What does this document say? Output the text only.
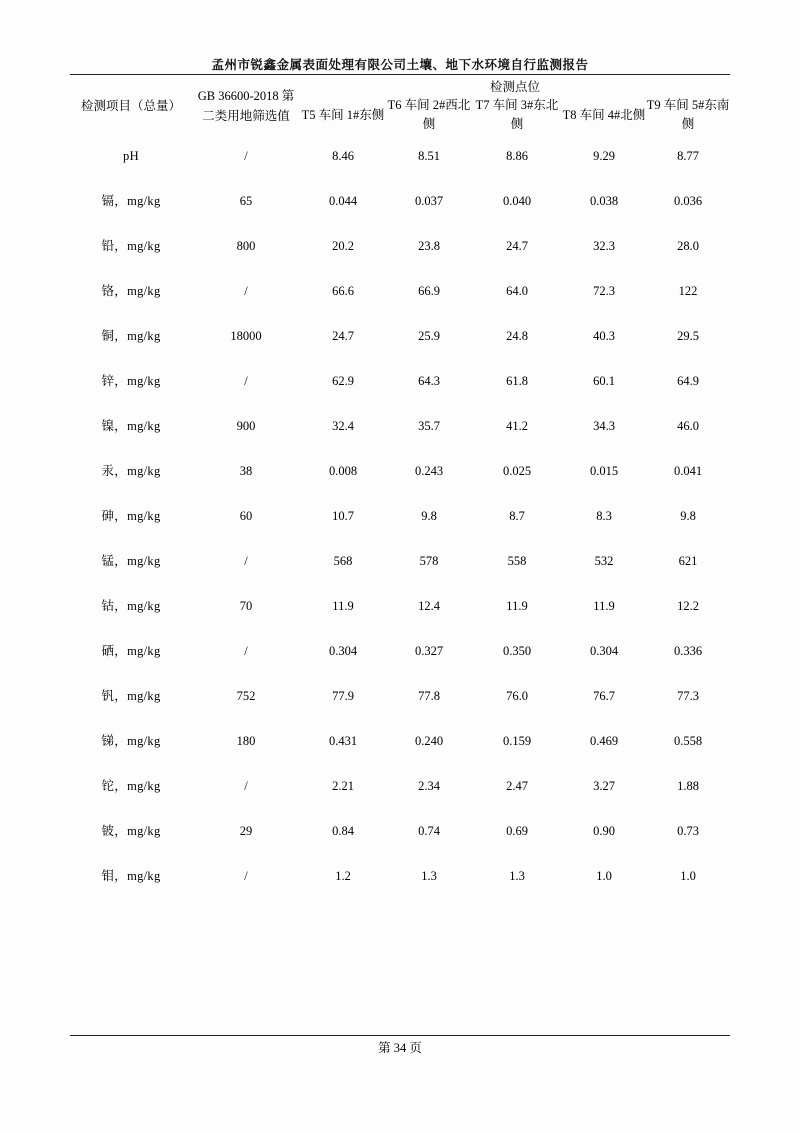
孟州市锐鑫金属表面处理有限公司土壤、地下水环境自行监测报告
检测项目（总量）	GB 36600-2018 第二类用地筛选值	检测点位				
		T5 车间 1#东侧	T6 车间 2#西北侧	T7 车间 3#东北侧	T8 车间 4#北侧	T9 车间 5#东南侧
pH	/	8.46	8.51	8.86	9.29	8.77
镉，mg/kg	65	0.044	0.037	0.040	0.038	0.036
铅，mg/kg	800	20.2	23.8	24.7	32.3	28.0
铬，mg/kg	/	66.6	66.9	64.0	72.3	122
铜，mg/kg	18000	24.7	25.9	24.8	40.3	29.5
锌，mg/kg	/	62.9	64.3	61.8	60.1	64.9
镍，mg/kg	900	32.4	35.7	41.2	34.3	46.0
汞，mg/kg	38	0.008	0.243	0.025	0.015	0.041
砷，mg/kg	60	10.7	9.8	8.7	8.3	9.8
锰，mg/kg	/	568	578	558	532	621
钴，mg/kg	70	11.9	12.4	11.9	11.9	12.2
硒，mg/kg	/	0.304	0.327	0.350	0.304	0.336
钒，mg/kg	752	77.9	77.8	76.0	76.7	77.3
锑，mg/kg	180	0.431	0.240	0.159	0.469	0.558
铊，mg/kg	/	2.21	2.34	2.47	3.27	1.88
铍，mg/kg	29	0.84	0.74	0.69	0.90	0.73
钼，mg/kg	/	1.2	1.3	1.3	1.0	1.0
第 34 页
